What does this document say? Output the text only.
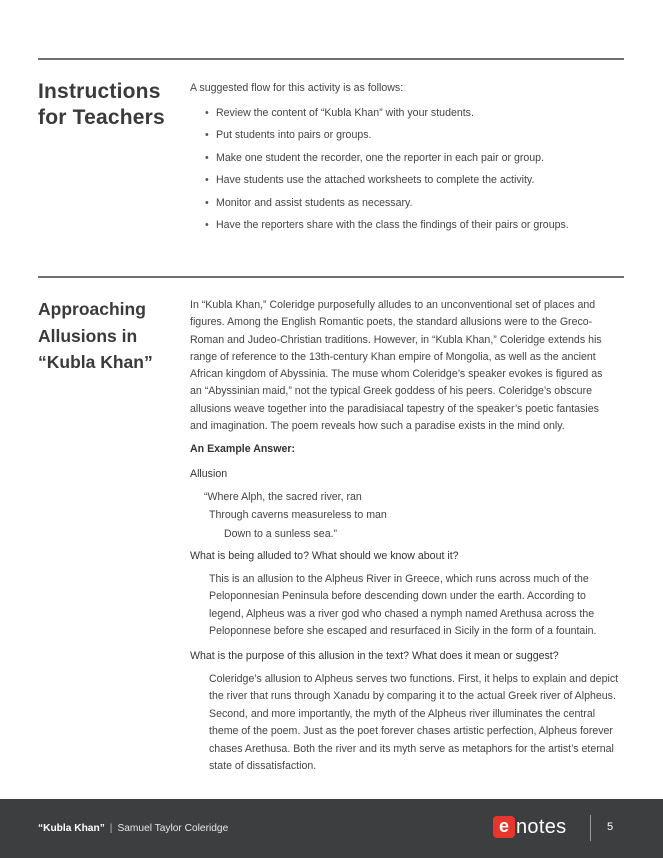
Instructions
for Teachers
A suggested flow for this activity is as follows:
• Review the content of “Kubla Khan” with your students.
• Put students into pairs or groups.
• Make one student the recorder, one the reporter in each pair or group.
• Have students use the attached worksheets to complete the activity.
• Monitor and assist students as necessary.
• Have the reporters share with the class the findings of their pairs or groups.
Approaching
Allusions in
“Kubla Khan”
In “Kubla Khan,” Coleridge purposefully alludes to an unconventional set of places and figures. Among the English Romantic poets, the standard allusions were to the Greco-Roman and Judeo-Christian traditions. However, in “Kubla Khan,” Coleridge extends his range of reference to the 13th-century Khan empire of Mongolia, as well as the ancient African kingdom of Abyssinia. The muse whom Coleridge’s speaker evokes is figured as an “Abyssinian maid,” not the typical Greek goddess of his peers. Coleridge’s obscure allusions weave together into the paradisiacal tapestry of the speaker’s poetic fantasies and imagination. The poem reveals how such a paradise exists in the mind only.
An Example Answer:
Allusion
“Where Alph, the sacred river, ran
Through caverns measureless to man
Down to a sunless sea.”
What is being alluded to? What should we know about it?
This is an allusion to the Alpheus River in Greece, which runs across much of the Peloponnesian Peninsula before descending down under the earth. According to legend, Alpheus was a river god who chased a nymph named Arethusa across the Peloponnese before she escaped and resurfaced in Sicily in the form of a fountain.
What is the purpose of this allusion in the text? What does it mean or suggest?
Coleridge’s allusion to Alpheus serves two functions. First, it helps to explain and depict the river that runs through Xanadu by comparing it to the actual Greek river of Alpheus. Second, and more importantly, the myth of the Alpheus river illuminates the central theme of the poem. Just as the poet forever chases artistic perfection, Alpheus forever chases Arethusa. Both the river and its myth serve as metaphors for the artist’s eternal state of dissatisfaction.
“Kubla Khan” | Samuel Taylor Coleridge	e notes	5
